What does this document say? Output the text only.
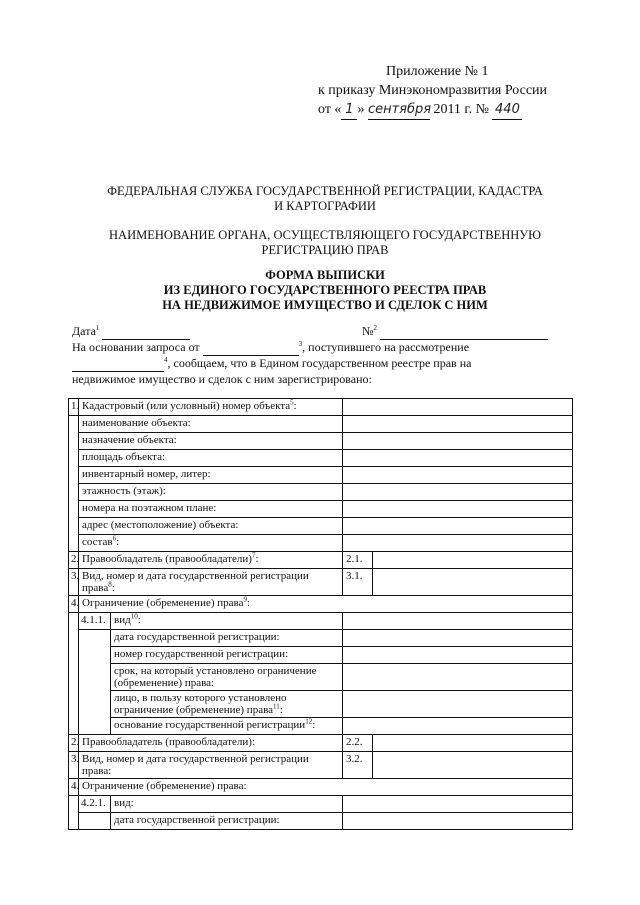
Приложение № 1
к приказу Минэкономразвития России
от « 1 » сентября 2011 г. № 440
ФЕДЕРАЛЬНАЯ СЛУЖБА ГОСУДАРСТВЕННОЙ РЕГИСТРАЦИИ, КАДАСТРА
И КАРТОГРАФИИ
НАИМЕНОВАНИЕ ОРГАНА, ОСУЩЕСТВЛЯЮЩЕГО ГОСУДАРСТВЕННУЮ
РЕГИСТРАЦИЮ ПРАВ
ФОРМА ВЫПИСКИ
ИЗ ЕДИНОГО ГОСУДАРСТВЕННОГО РЕЕСТРА ПРАВ
НА НЕДВИЖИМОЕ ИМУЩЕСТВО И СДЕЛОК С НИМ
Дата$^1$	№$^2$
На основании запроса от	$^3$, поступившего на рассмотрение
$^4$, сообщаем, что в Едином государственном реестре прав на
недвижимое имущество и сделок с ним зарегистрировано:
1.	Кадастровый (или условный) номер объекта$^5$:			
	наименование объекта:			
	назначение объекта:			
	площадь объекта:			
	инвентарный номер, литер:			
	этажность (этаж):			
	номера на поэтажном плане:			
	адрес (местоположение) объекта:			
	состав$^6$:			
2.	Правообладатель (правообладатели)$^7$:		2.1.	
3.	Вид, номер и дата государственной регистрации права$^8$:		3.1.	
4.	Ограничение (обременение) права$^9$:			
	4.1.1.	вид$^{10}$:		
		дата государственной регистрации:		
		номер государственной регистрации:		
		срок, на который установлено ограничение (обременение) права:		
		лицо, в пользу которого установлено ограничение (обременение) права$^{11}$:		
		основание государственной регистрации$^{12}$:		
2.	Правообладатель (правообладатели):		2.2.	
3.	Вид, номер и дата государственной регистрации права:		3.2.	
4.	Ограничение (обременение) права:			
	4.2.1.	вид:		
		дата государственной регистрации:		
